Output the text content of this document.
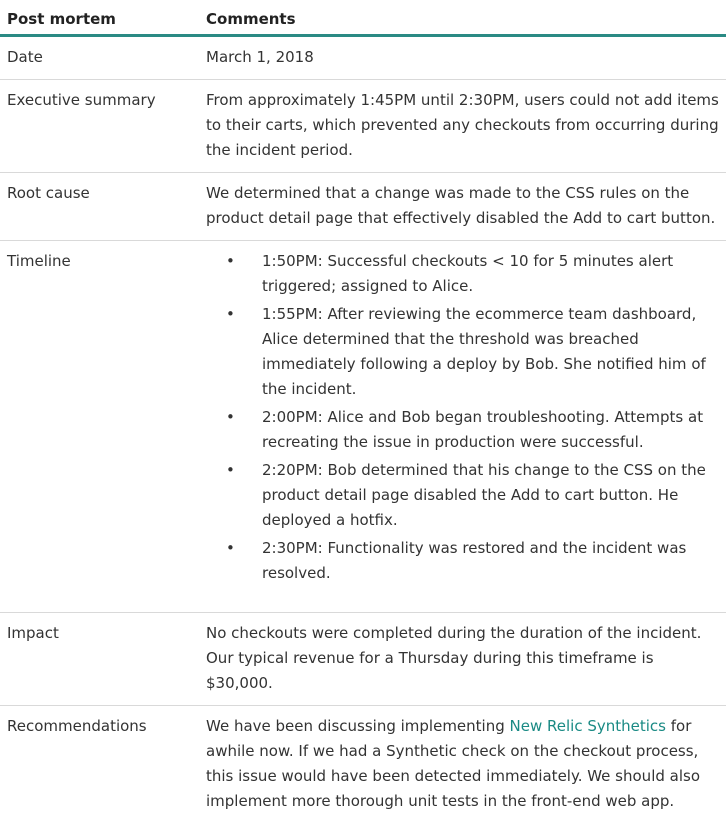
Post mortem	Comments
Date	March 1, 2018
Executive summary	From approximately 1:45PM until 2:30PM, users could not add items to their carts, which prevented any checkouts from occurring during the incident period.
Root cause	We determined that a change was made to the CSS rules on the product detail page that effectively disabled the Add to cart button.
Timeline	• 1:50PM: Successful checkouts < 10 for 5 minutes alert triggered; assigned to Alice.
• 1:55PM: After reviewing the ecommerce team dashboard, Alice determined that the threshold was breached immediately following a deploy by Bob. She notified him of the incident.
• 2:00PM: Alice and Bob began troubleshooting. Attempts at recreating the issue in production were successful.
• 2:20PM: Bob determined that his change to the CSS on the product detail page disabled the Add to cart button. He deployed a hotfix.
• 2:30PM: Functionality was restored and the incident was resolved.
Impact	No checkouts were completed during the duration of the incident. Our typical revenue for a Thursday during this timeframe is $30,000.
Recommendations	We have been discussing implementing New Relic Synthetics for awhile now. If we had a Synthetic check on the checkout process, this issue would have been detected immediately. We should also implement more thorough unit tests in the front-end web app.
